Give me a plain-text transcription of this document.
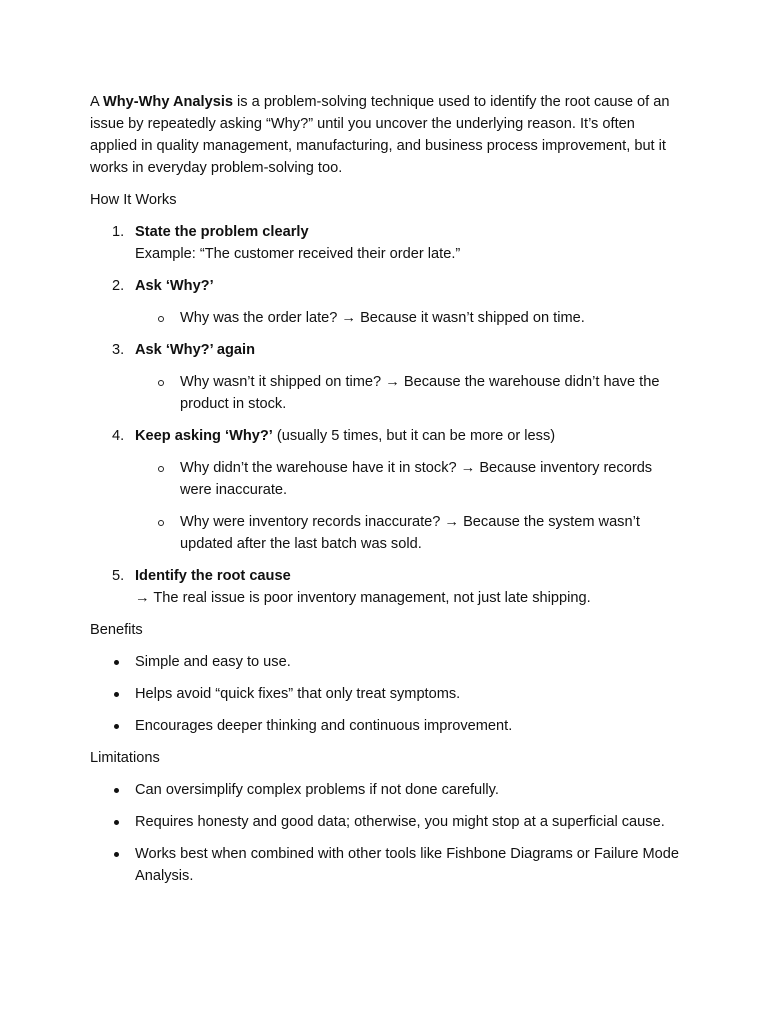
A Why-Why Analysis is a problem-solving technique used to identify the root cause of an issue by repeatedly asking “Why?” until you uncover the underlying reason. It’s often applied in quality management, manufacturing, and business process improvement, but it works in everyday problem-solving too.

How It Works

1. State the problem clearly
Example: “The customer received their order late.”
2. Ask ‘Why?’
Why was the order late? → Because it wasn’t shipped on time.
3. Ask ‘Why?’ again
Why wasn’t it shipped on time? → Because the warehouse didn’t have the product in stock.
4. Keep asking ‘Why?’ (usually 5 times, but it can be more or less)
Why didn’t the warehouse have it in stock? → Because inventory records were inaccurate.
Why were inventory records inaccurate? → Because the system wasn’t updated after the last batch was sold.
5. Identify the root cause
→ The real issue is poor inventory management, not just late shipping.

Benefits

Simple and easy to use.
Helps avoid “quick fixes” that only treat symptoms.
Encourages deeper thinking and continuous improvement.

Limitations

Can oversimplify complex problems if not done carefully.
Requires honesty and good data; otherwise, you might stop at a superficial cause.
Works best when combined with other tools like Fishbone Diagrams or Failure Mode Analysis.
